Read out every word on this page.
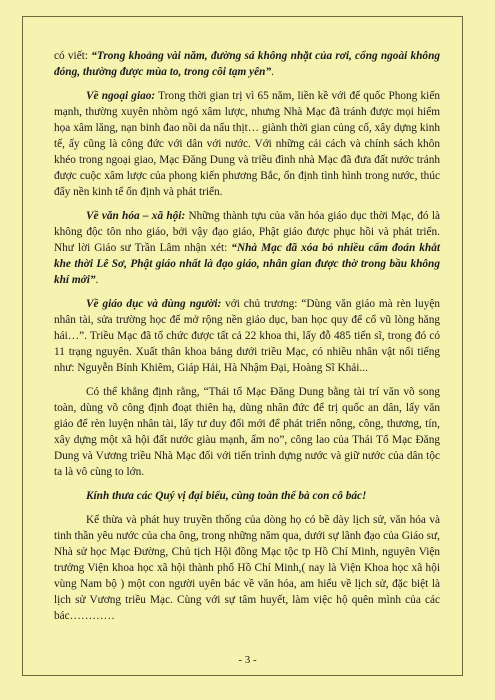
có viết: “Trong khoảng vài năm, đường sá không nhặt của rơi, cổng ngoài không đóng, thường được mùa to, trong cõi tạm yên”.

Về ngoại giao: Trong thời gian trị vì 65 năm, liền kề với đế quốc Phong kiến mạnh, thường xuyên nhòm ngó xâm lược, nhưng Nhà Mạc đã tránh được mọi hiểm họa xâm lăng, nạn binh đao nồi da nấu thịt… giành thời gian củng cố, xây dựng kinh tế, ấy cũng là công đức với dân với nước. Với những cải cách và chính sách khôn khéo trong ngoại giao, Mạc Đăng Dung và triều đình nhà Mạc đã đưa đất nước tránh được cuộc xâm lược của phong kiến phương Bắc, ổn định tình hình trong nước, thúc đẩy nền kinh tế ổn định và phát triển.

Về văn hóa – xã hội: Những thành tựu của văn hóa giáo dục thời Mạc, đó là không độc tôn nho giáo, bởi vậy đạo giáo, Phật giáo được phục hồi và phát triển. Như lời Giáo sư Trần Lâm nhận xét: “Nhà Mạc đã xóa bỏ nhiều cấm đoán khắt khe thời Lê Sơ, Phật giáo nhất là đạo giáo, nhân gian được thờ trong bầu không khí mới”.

Về giáo dục và dùng người: với chủ trương: “Dùng văn giáo mà rèn luyện nhân tài, sửa trường học để mở rộng nền giáo dục, ban học quy để cổ vũ lòng hăng hái…”. Triều Mạc đã tổ chức được tất cả 22 khoa thi, lấy đỗ 485 tiến sĩ, trong đó có 11 trạng nguyên. Xuất thân khoa bảng dưới triều Mạc, có nhiều nhân vật nổi tiếng như: Nguyễn Bỉnh Khiêm, Giáp Hải, Hà Nhậm Đại, Hoàng Sĩ Khải...

Có thể khẳng định rằng, “Thái tổ Mạc Đăng Dung bằng tài trí văn võ song toàn, dùng võ công định đoạt thiên hạ, dùng nhân đức để trị quốc an dân, lấy văn giáo để rèn luyện nhân tài, lấy tư duy đổi mới để phát triển nông, công, thương, tín, xây dựng một xã hội đất nước giàu mạnh, ấm no”, công lao của Thái Tổ Mạc Đăng Dung và Vương triều Nhà Mạc đối với tiến trình dựng nước và giữ nước của dân tộc ta là vô cùng to lớn.

Kính thưa các Quý vị đại biểu, cùng toàn thể bà con cô bác!

Kế thừa và phát huy truyền thống của dòng họ có bề dày lịch sử, văn hóa và tinh thần yêu nước của cha ông, trong những năm qua, dưới sự lãnh đạo của Giáo sư, Nhà sử học Mạc Đường, Chủ tịch Hội đồng Mạc tộc tp Hồ Chí Minh, nguyên Viện trưởng Viện khoa học xã hội thành phố Hồ Chí Minh,( nay là Viện Khoa học xã hội vùng Nam bộ ) một con người uyên bác về văn hóa, am hiểu về lịch sử, đặc biệt là lịch sử Vương triều Mạc. Cùng với sự tâm huyết, làm việc hộ quên mình của các bác…………

- 3 -
